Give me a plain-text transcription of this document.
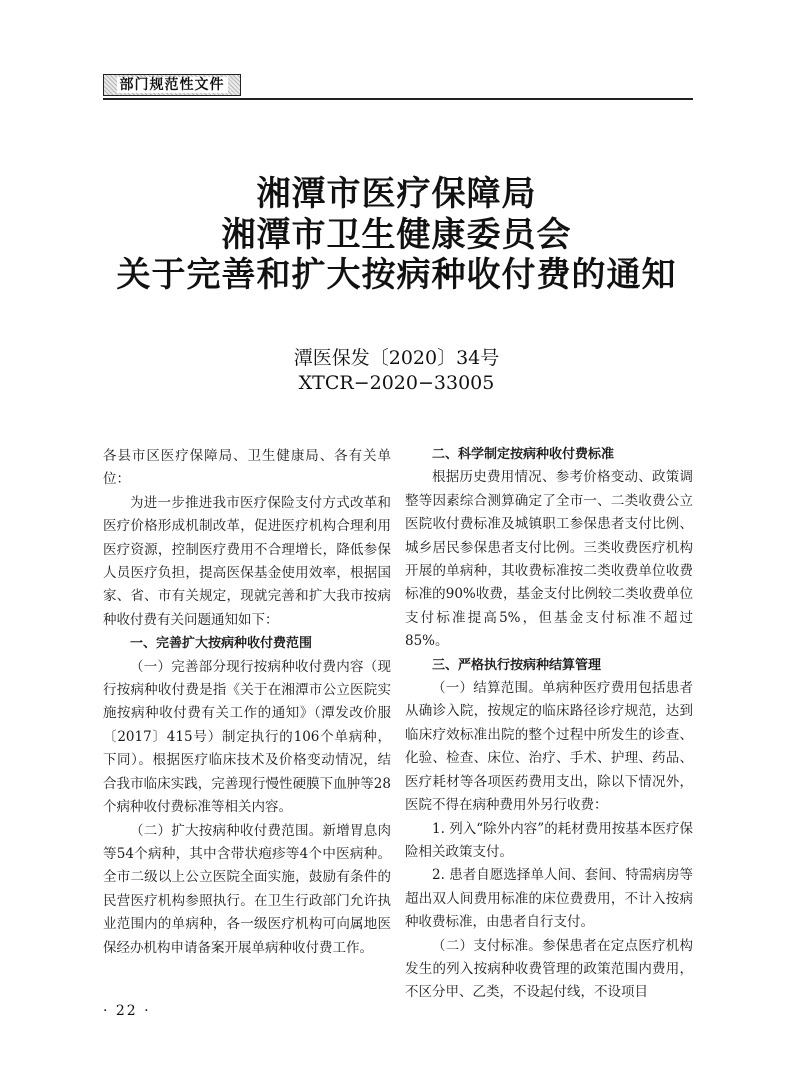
部门规范性文件
湘潭市医疗保障局
湘潭市卫生健康委员会
关于完善和扩大按病种收付费的通知
潭医保发〔2020〕34号
XTCR−2020−33005

各县市区医疗保障局、卫生健康局、各有关单位：

为进一步推进我市医疗保险支付方式改革和医疗价格形成机制改革，促进医疗机构合理利用医疗资源，控制医疗费用不合理增长，降低参保人员医疗负担，提高医保基金使用效率，根据国家、省、市有关规定，现就完善和扩大我市按病种收付费有关问题通知如下：

一、完善扩大按病种收付费范围

（一）完善部分现行按病种收付费内容（现行按病种收付费是指《关于在湘潭市公立医院实施按病种收付费有关工作的通知》（潭发改价服〔2017〕415号）制定执行的106个单病种，下同）。根据医疗临床技术及价格变动情况，结合我市临床实践，完善现行慢性硬膜下血肿等28个病种收付费标准等相关内容。

（二）扩大按病种收付费范围。新增胃息肉等54个病种，其中含带状疱疹等4个中医病种。全市二级以上公立医院全面实施，鼓励有条件的民营医疗机构参照执行。在卫生行政部门允许执业范围内的单病种，各一级医疗机构可向属地医保经办机构申请备案开展单病种收付费工作。

二、科学制定按病种收付费标准

根据历史费用情况、参考价格变动、政策调整等因素综合测算确定了全市一、二类收费公立医院收付费标准及城镇职工参保患者支付比例、城乡居民参保患者支付比例。三类收费医疗机构开展的单病种，其收费标准按二类收费单位收费标准的90%收费，基金支付比例较二类收费单位支付标准提高5%，但基金支付标准不超过85%。

三、严格执行按病种结算管理

（一）结算范围。单病种医疗费用包括患者从确诊入院，按规定的临床路径诊疗规范，达到临床疗效标准出院的整个过程中所发生的诊查、化验、检查、床位、治疗、手术、护理、药品、医疗耗材等各项医药费用支出，除以下情况外，医院不得在病种费用外另行收费：

1. 列入“除外内容”的耗材费用按基本医疗保险相关政策支付。

2. 患者自愿选择单人间、套间、特需病房等超出双人间费用标准的床位费费用，不计入按病种收费标准，由患者自行支付。

（二）支付标准。参保患者在定点医疗机构发生的列入按病种收费管理的政策范围内费用，不区分甲、乙类，不设起付线，不设项目

· 22 ·
